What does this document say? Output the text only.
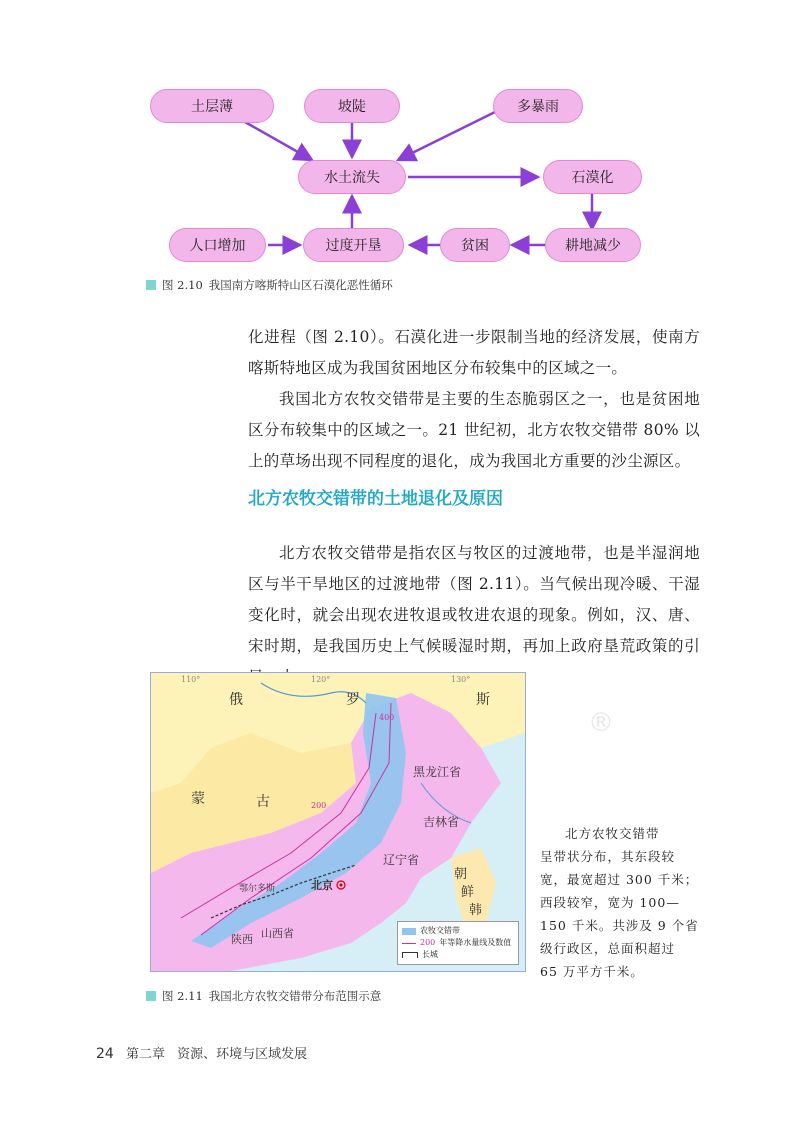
土层薄	坡陡	多暴雨
水土流失	石漠化
人口增加	过度开垦	贫困	耕地减少
图 2.10 我国南方喀斯特山区石漠化恶性循环

化进程（图 2.10）。石漠化进一步限制当地的经济发展，使南方喀斯特地区成为我国贫困地区分布较集中的区域之一。

我国北方农牧交错带是主要的生态脆弱区之一，也是贫困地区分布较集中的区域之一。21 世纪初，北方农牧交错带 80% 以上的草场出现不同程度的退化，成为我国北方重要的沙尘源区。

北方农牧交错带的土地退化及原因

北方农牧交错带是指农区与牧区的过渡地带，也是半湿润地区与半干旱地区的过渡地带（图 2.11）。当气候出现冷暖、干湿变化时，就会出现农进牧退或牧进农退的现象。例如，汉、唐、宋时期，是我国历史上气候暖湿时期，再加上政府垦荒政策的引

俄	罗	斯
蒙	古
黑龙江省
吉林省
辽宁省
朝
鲜
韩
北京
鄂尔多斯
山西省
陕西
400
200
110°	120°	130°
农牧交错带
200 年等降水量线及数值
长城
®

北方农牧交错带

呈带状分布，其东段较

宽，最宽超过 300 千米；

西段较窄，宽为 100—

150 千米。共涉及 9 个省

级行政区，总面积超过

65 万平方千米。

图 2.11 我国北方农牧交错带分布范围示意
24 第二章 资源、环境与区域发展
